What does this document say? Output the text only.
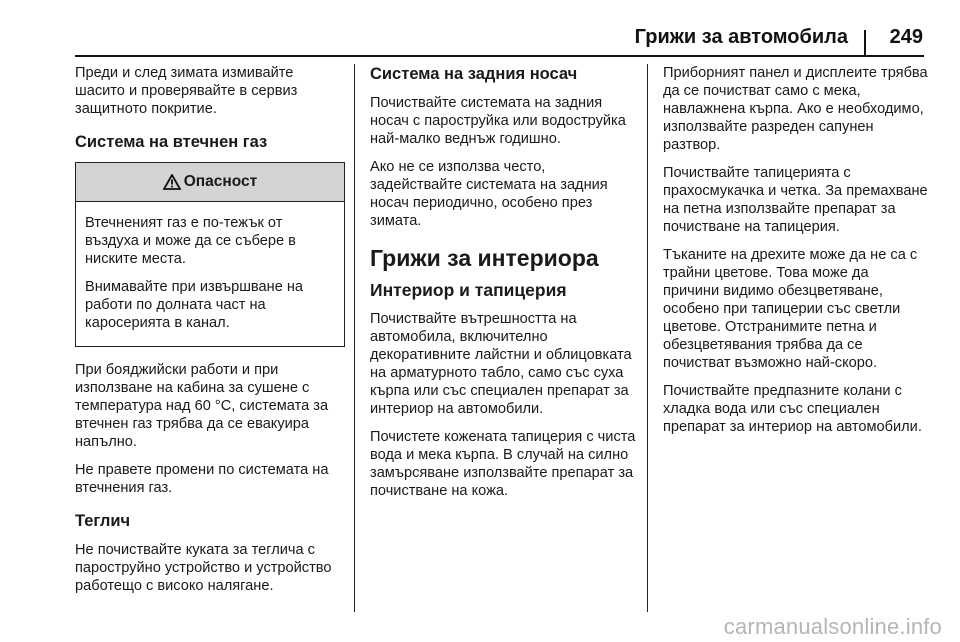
Грижи за автомобила 249

Преди и след зимата измивайте шасито и проверявайте в сервиз защитното покритие.

Система на втечнен газ
Опасност

Втечненият газ е по-тежък от въздуха и може да се събере в ниските места.

Внимавайте при извършване на работи по долната част на каросерията в канал.

При бояджийски работи и при използване на кабина за сушене с температура над 60 °C, системата за втечнен газ трябва да се евакуира напълно.

Не правете промени по системата на втечнения газ.

Теглич

Не почиствайте куката за теглича с пароструйно устройство и устройство работещо с високо налягане.

Система на задния носач

Почиствайте системата на задния носач с пароструйка или водоструйка най-малко веднъж годишно.

Ако не се използва често, задействайте системата на задния носач периодично, особено през зимата.

Грижи за интериора
Интериор и тапицерия

Почиствайте вътрешността на автомобила, включително декоративните лайстни и облицовката на арматурното табло, само със суха кърпа или със специален препарат за интериор на автомобили.

Почистете кожената тапицерия с чиста вода и мека кърпа. В случай на силно замърсяване използвайте препарат за почистване на кожа.

Приборният панел и дисплеите трябва да се почистват само с мека, навлажнена кърпа. Ако е необходимо, използвайте разреден сапунен разтвор.

Почиствайте тапицерията с прахосмукачка и четка. За премахване на петна използвайте препарат за почистване на тапицерия.

Тъканите на дрехите може да не са с трайни цветове. Това може да причини видимо обезцветяване, особено при тапицерии със светли цветове. Отстранимите петна и обезцветявания трябва да се почистват възможно най-скоро.

Почиствайте предпазните колани с хладка вода или със специален препарат за интериор на автомобили.

carmanualsonline.info
